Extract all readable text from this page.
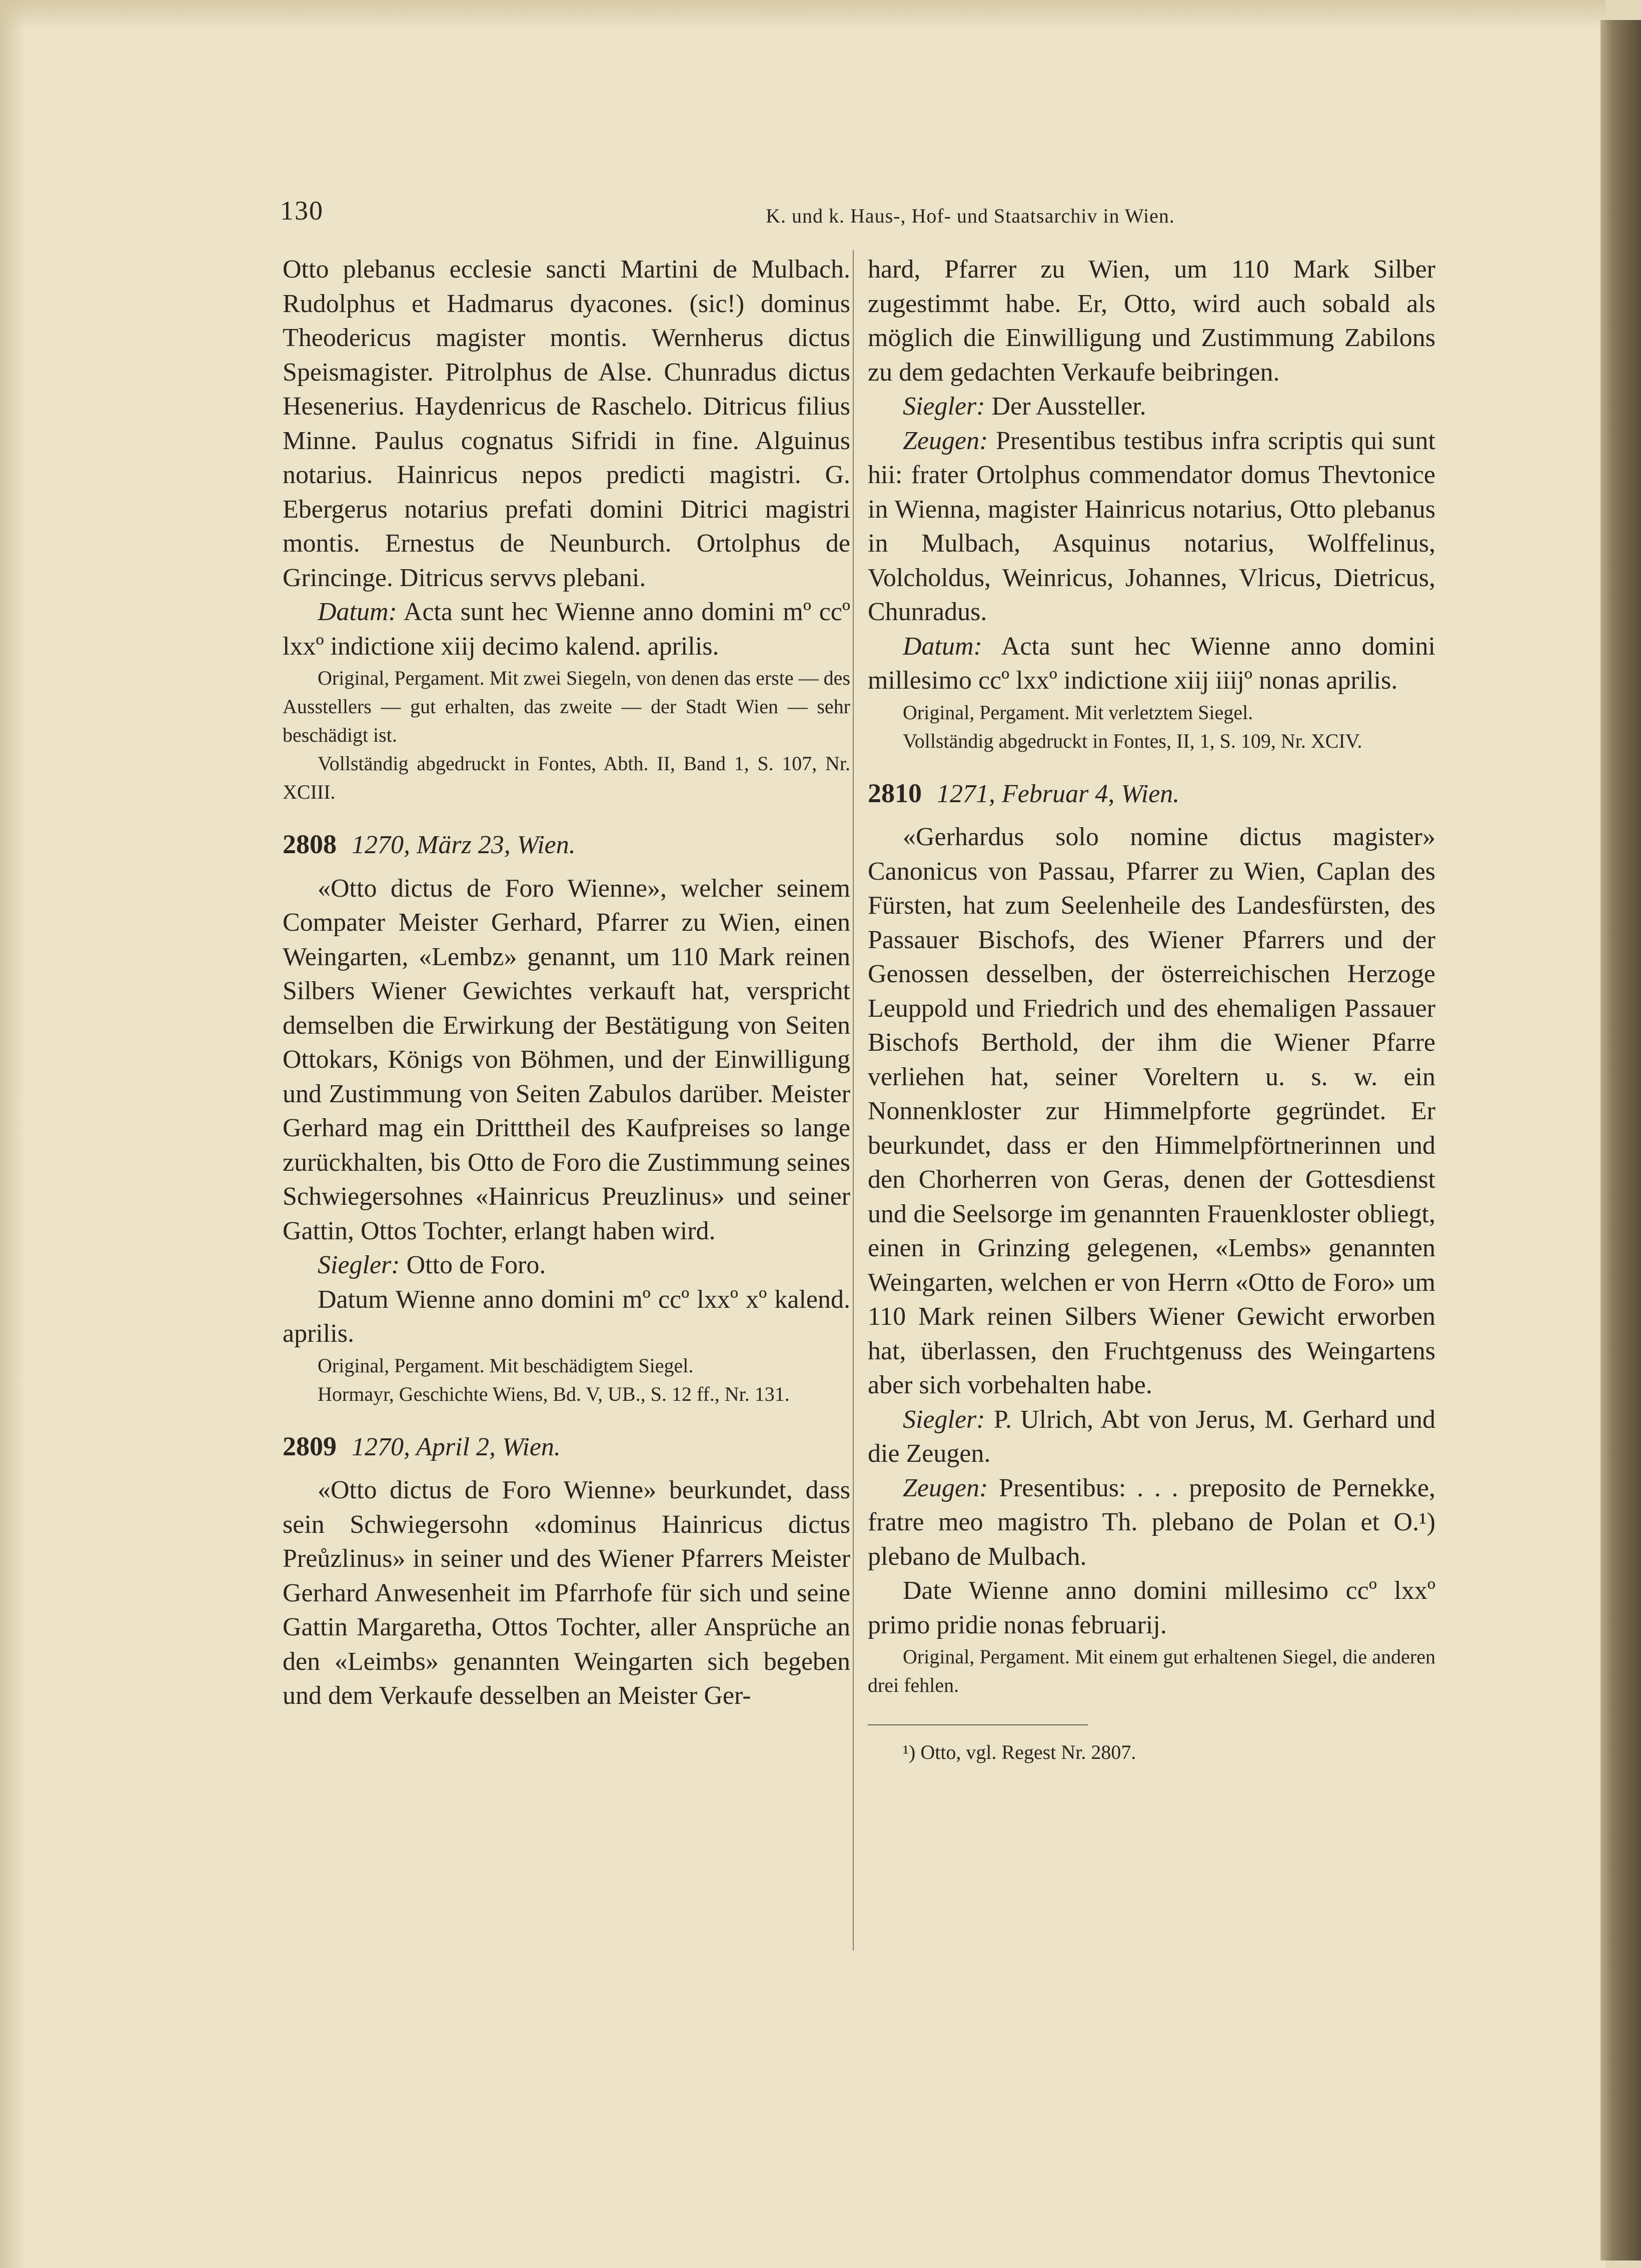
130	K. und k. Haus-, Hof- und Staatsarchiv in Wien.

Otto plebanus ecclesie sancti Martini de Mulbach. Rudolphus et Hadmarus dyacones. (sic!) dominus Theodericus magister montis. Wernherus dictus Speismagister. Pitrolphus de Alse. Chunradus dictus Hesenerius. Haydenricus de Raschelo. Ditricus filius Minne. Paulus cognatus Sifridi in fine. Alguinus notarius. Hainricus nepos predicti magistri. G. Ebergerus notarius prefati domini Ditrici magistri montis. Ernestus de Neunburch. Ortolphus de Grincinge. Ditricus servvs plebani.

Datum: Acta sunt hec Wienne anno domini mº ccº lxxº indictione xiij decimo kalend. aprilis.

Original, Pergament. Mit zwei Siegeln, von denen das erste — des Ausstellers — gut erhalten, das zweite — der Stadt Wien — sehr beschädigt ist.

Vollständig abgedruckt in Fontes, Abth. II, Band 1, S. 107, Nr. XCIII.

2808 1270, März 23, Wien.

«Otto dictus de Foro Wienne», welcher seinem Compater Meister Gerhard, Pfarrer zu Wien, einen Weingarten, «Lembz» genannt, um 110 Mark reinen Silbers Wiener Gewichtes verkauft hat, verspricht demselben die Erwirkung der Bestätigung von Seiten Ottokars, Königs von Böhmen, und der Einwilligung und Zustimmung von Seiten Zabulos darüber. Meister Gerhard mag ein Dritttheil des Kaufpreises so lange zurückhalten, bis Otto de Foro die Zustimmung seines Schwiegersohnes «Hainricus Preuzlinus» und seiner Gattin, Ottos Tochter, erlangt haben wird.

Siegler: Otto de Foro.

Datum Wienne anno domini mº ccº lxxº xº kalend. aprilis.

Original, Pergament. Mit beschädigtem Siegel.

Hormayr, Geschichte Wiens, Bd. V, UB., S. 12 ff., Nr. 131.

2809 1270, April 2, Wien.

«Otto dictus de Foro Wienne» beurkundet, dass sein Schwiegersohn «dominus Hainricus dictus Preůzlinus» in seiner und des Wiener Pfarrers Meister Gerhard Anwesenheit im Pfarrhofe für sich und seine Gattin Margaretha, Ottos Tochter, aller Ansprüche an den «Leimbs» genannten Weingarten sich begeben und dem Verkaufe desselben an Meister Ger-

hard, Pfarrer zu Wien, um 110 Mark Silber zugestimmt habe. Er, Otto, wird auch sobald als möglich die Einwilligung und Zustimmung Zabilons zu dem gedachten Verkaufe beibringen.

Siegler: Der Aussteller.

Zeugen: Presentibus testibus infra scriptis qui sunt hii: frater Ortolphus commendator domus Thevtonice in Wienna, magister Hainricus notarius, Otto plebanus in Mulbach, Asquinus notarius, Wolffelinus, Volcholdus, Weinricus, Johannes, Vlricus, Dietricus, Chunradus.

Datum: Acta sunt hec Wienne anno domini millesimo ccº lxxº indictione xiij iiijº nonas aprilis.

Original, Pergament. Mit verletztem Siegel.

Vollständig abgedruckt in Fontes, II, 1, S. 109, Nr. XCIV.

2810 1271, Februar 4, Wien.

«Gerhardus solo nomine dictus magister» Canonicus von Passau, Pfarrer zu Wien, Caplan des Fürsten, hat zum Seelenheile des Landesfürsten, des Passauer Bischofs, des Wiener Pfarrers und der Genossen desselben, der österreichischen Herzoge Leuppold und Friedrich und des ehemaligen Passauer Bischofs Berthold, der ihm die Wiener Pfarre verliehen hat, seiner Voreltern u. s. w. ein Nonnenkloster zur Himmelpforte gegründet. Er beurkundet, dass er den Himmelpförtnerinnen und den Chorherren von Geras, denen der Gottesdienst und die Seelsorge im genannten Frauenkloster obliegt, einen in Grinzing gelegenen, «Lembs» genannten Weingarten, welchen er von Herrn «Otto de Foro» um 110 Mark reinen Silbers Wiener Gewicht erworben hat, überlassen, den Fruchtgenuss des Weingartens aber sich vorbehalten habe.

Siegler: P. Ulrich, Abt von Jerus, M. Gerhard und die Zeugen.

Zeugen: Presentibus: . . . preposito de Pernekke, fratre meo magistro Th. plebano de Polan et O.¹) plebano de Mulbach.

Date Wienne anno domini millesimo ccº lxxº primo pridie nonas februarij.

Original, Pergament. Mit einem gut erhaltenen Siegel, die anderen drei fehlen.

¹) Otto, vgl. Regest Nr. 2807.
